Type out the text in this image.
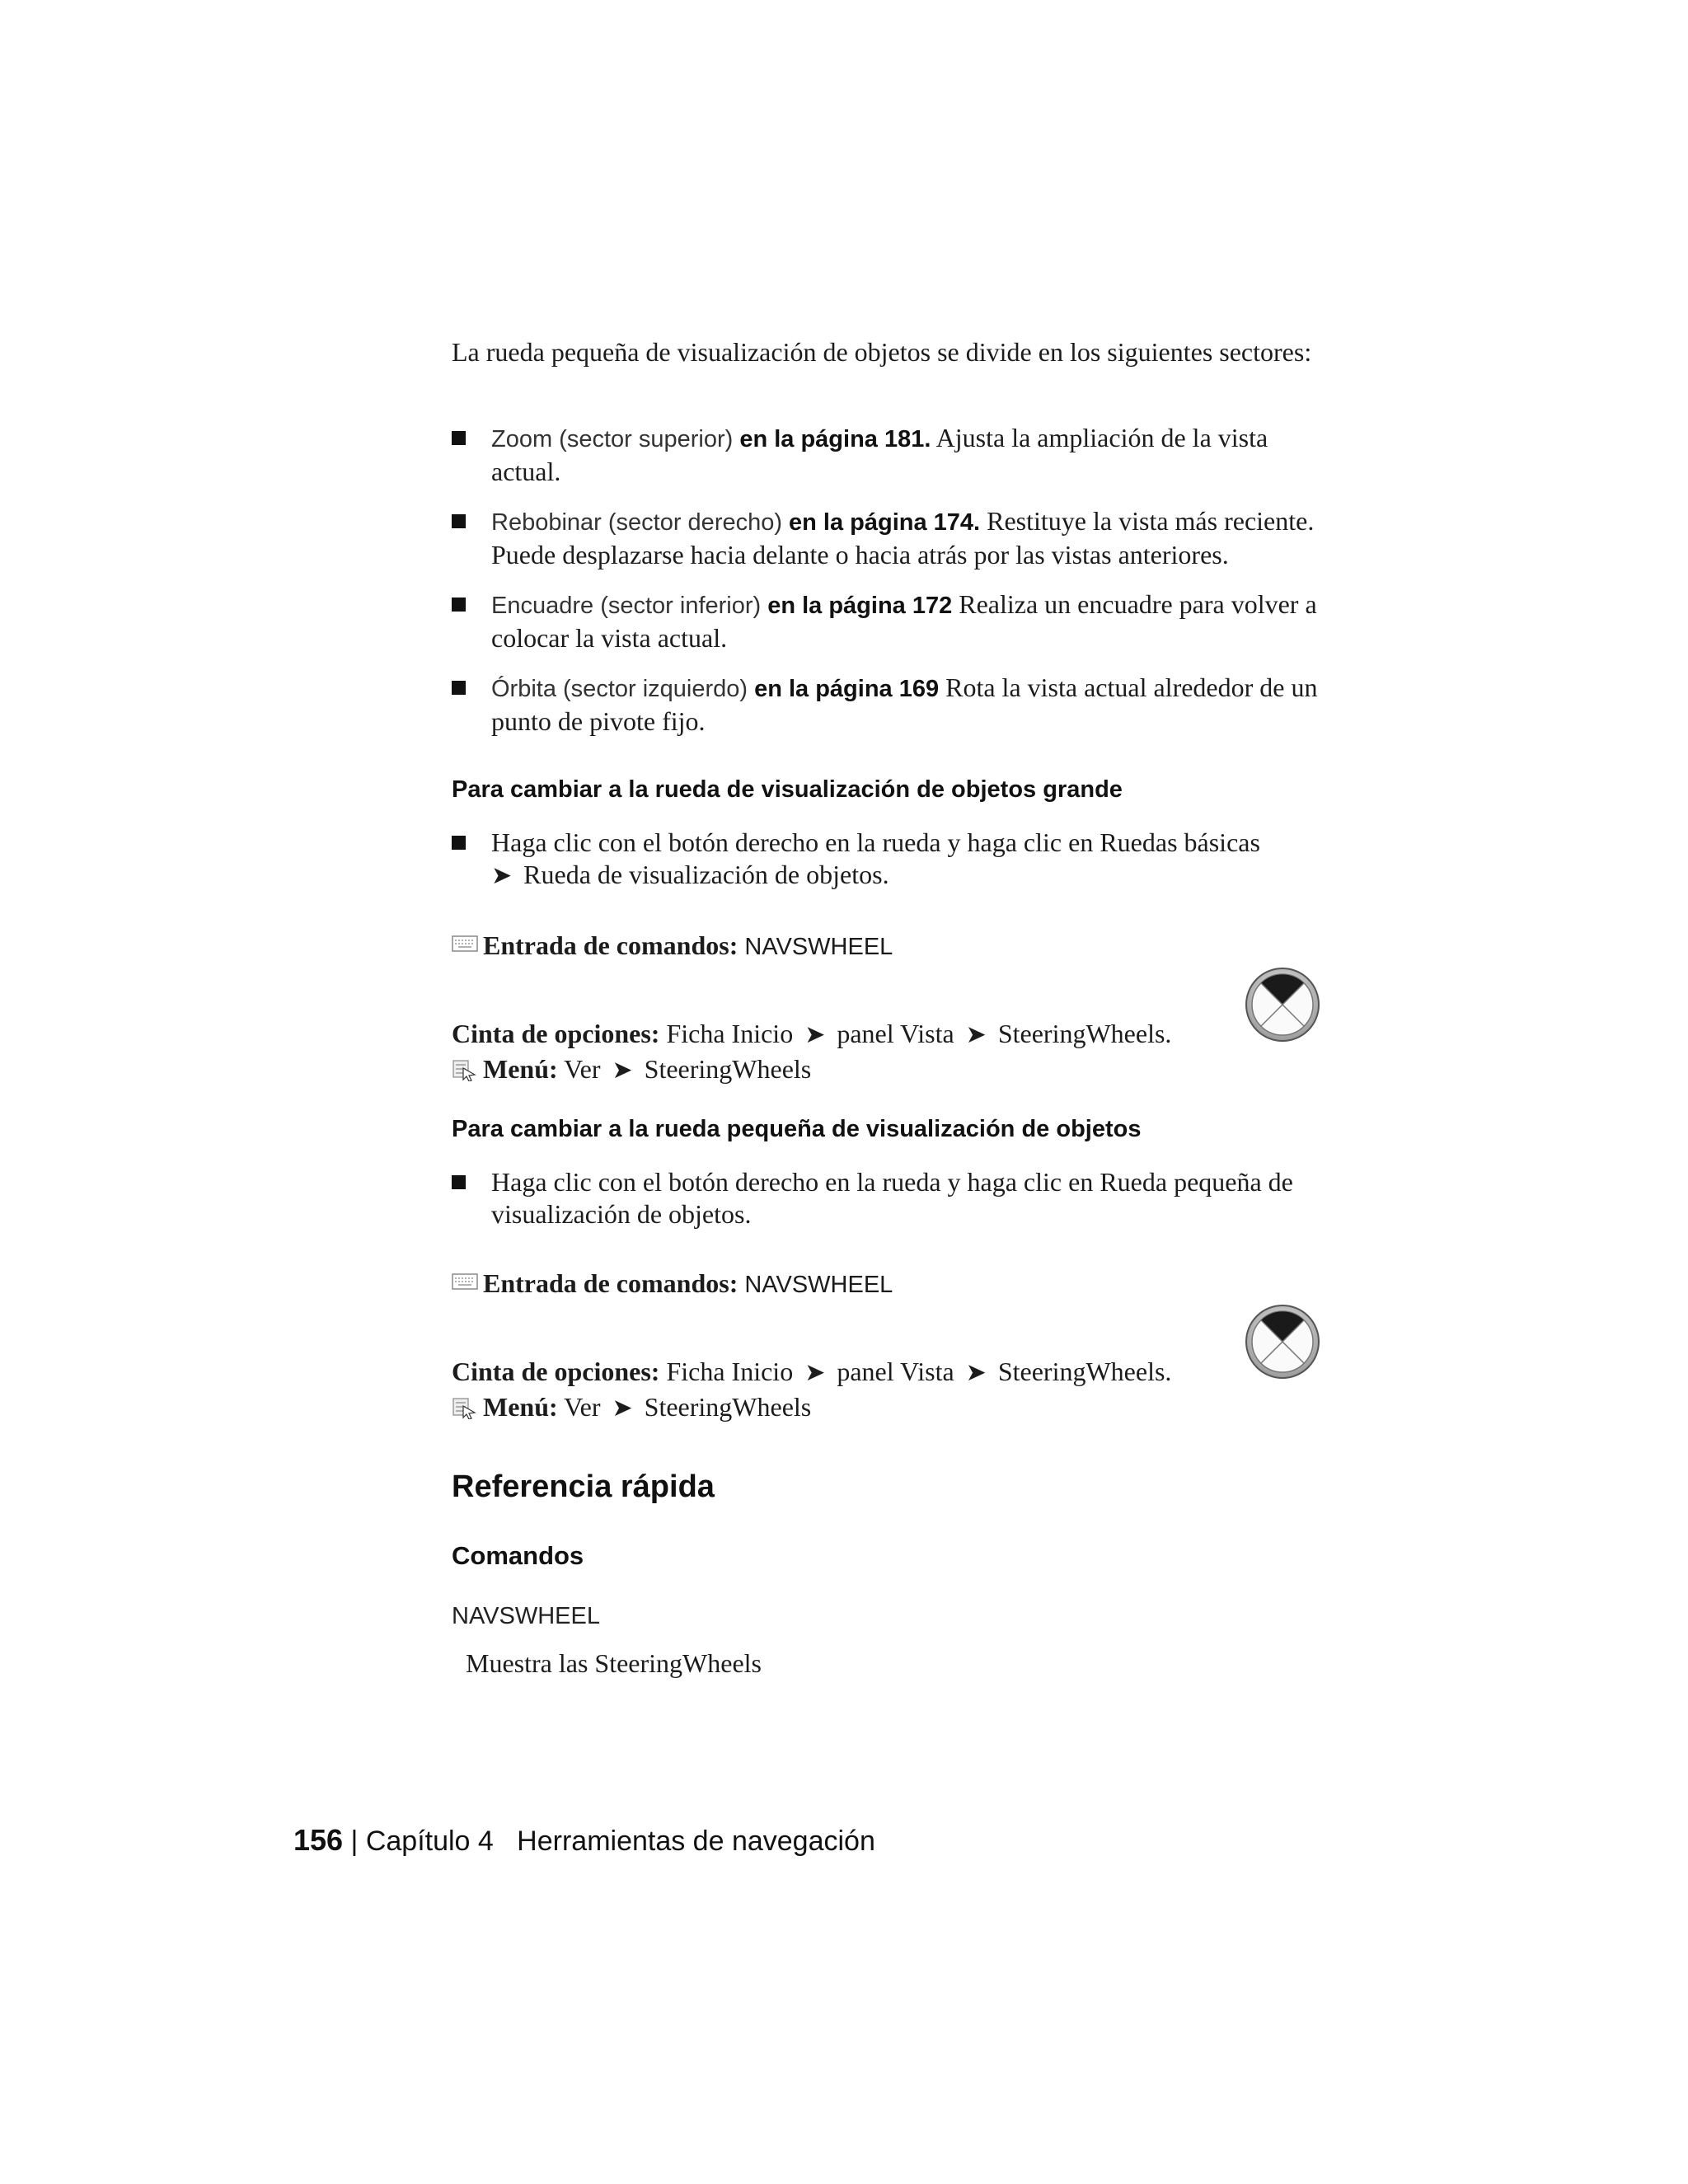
La rueda pequeña de visualización de objetos se divide en los siguientes sectores:

Zoom (sector superior) en la página 181. Ajusta la ampliación de la vista actual.
Rebobinar (sector derecho) en la página 174. Restituye la vista más reciente. Puede desplazarse hacia delante o hacia atrás por las vistas anteriores.
Encuadre (sector inferior) en la página 172 Realiza un encuadre para volver a colocar la vista actual.
Órbita (sector izquierdo) en la página 169 Rota la vista actual alrededor de un punto de pivote fijo.
Para cambiar a la rueda de visualización de objetos grande
Haga clic con el botón derecho en la rueda y haga clic en Ruedas básicas
➤ Rueda de visualización de objetos.
Entrada de comandos: NAVSWHEEL
Cinta de opciones: Ficha Inicio ➤ panel Vista ➤ SteeringWheels.
Menú: Ver ➤ SteeringWheels
Para cambiar a la rueda pequeña de visualización de objetos
Haga clic con el botón derecho en la rueda y haga clic en Rueda pequeña de visualización de objetos.
Entrada de comandos: NAVSWHEEL
Cinta de opciones: Ficha Inicio ➤ panel Vista ➤ SteeringWheels.
Menú: Ver ➤ SteeringWheels
Referencia rápida
Comandos
NAVSWHEEL
Muestra las SteeringWheels
156 | Capítulo 4 Herramientas de navegación
